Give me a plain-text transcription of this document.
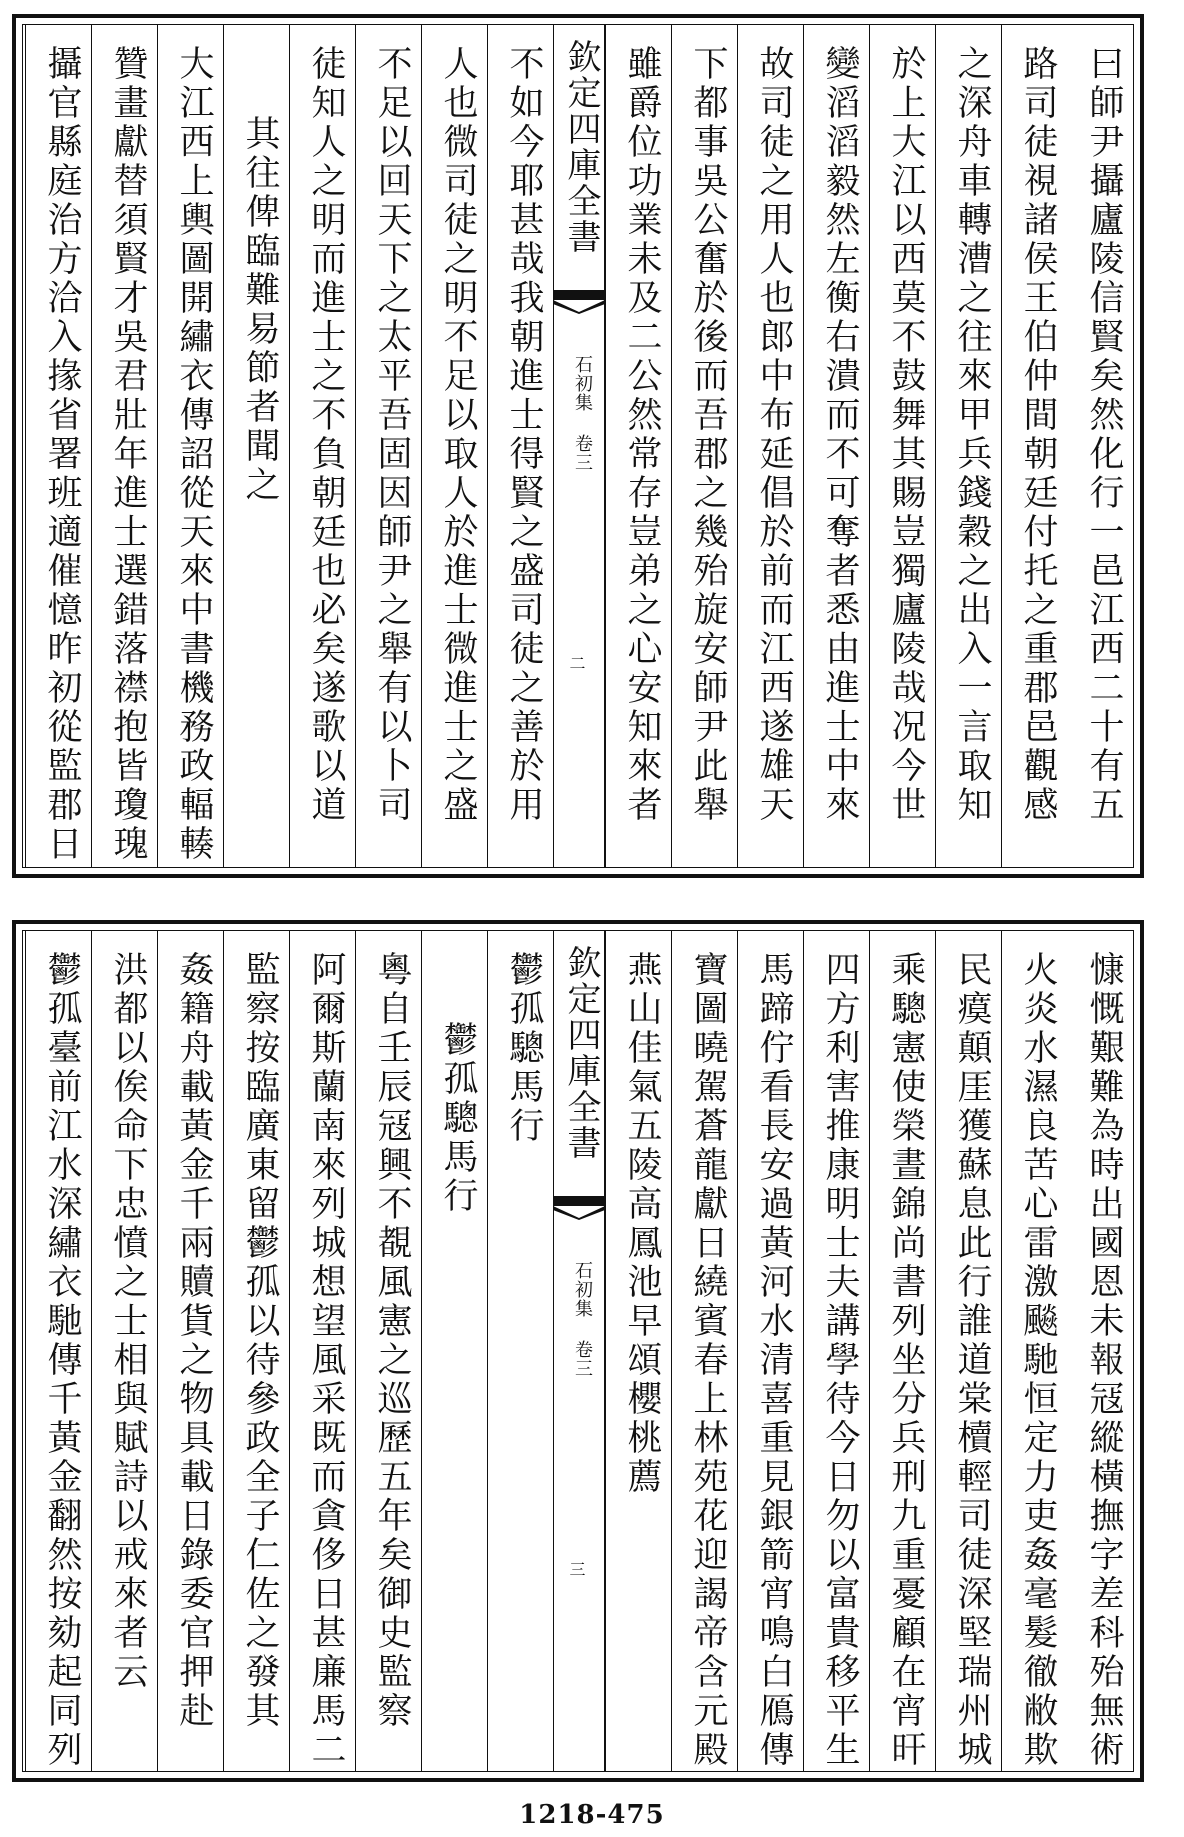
曰師尹攝廬陵信賢矣然化行一邑江西二十有五
路司徒視諸侯王伯仲間朝廷付托之重郡邑觀感
之深舟車轉漕之往來甲兵錢穀之出入一言取知
於上大江以西莫不鼓舞其賜豈獨廬陵哉况今世
變滔滔毅然左衡右潰而不可奪者悉由進士中來
故司徒之用人也郎中布延倡於前而江西遂雄天
下都事吳公奮於後而吾郡之幾殆旋安師尹此舉
雖爵位功業未及二公然常存豈弟之心安知來者
欽定四庫全書
石初集 卷三
二
不如今耶甚哉我朝進士得賢之盛司徒之善於用
人也微司徒之明不足以取人於進士微進士之盛
不足以回天下之太平吾固因師尹之舉有以卜司
徒知人之明而進士之不負朝廷也必矣遂歌以道
其往俾臨難易節者聞之
大江西上輿圖開繡衣傳詔從天來中書機務政輻輳
贊畫獻替須賢才吳君壯年進士選錯落襟抱皆瓊瑰
攝官縣庭治方洽入掾省署班適催憶昨初從監郡日
慷慨艱難為時出國恩未報冦縱橫撫字差科殆無術
火炎水濕良苦心雷激飈馳恒定力吏姦毫髮徹敝欺
民瘼顛厓獲蘇息此行誰道棠櫝輕司徒深堅瑞州城
乘驄憲使榮晝錦尚書列坐分兵刑九重憂顧在宵旰
四方利害推康明士夫講學待今日勿以富貴移平生
馬蹄佇看長安過黃河水清喜重見銀箭宵鳴白鴈傳
寶圖曉駕蒼龍獻日繞賓春上林苑花迎謁帝含元殿
燕山佳氣五陵高鳳池早頌櫻桃薦
欽定四庫全書
石初集 卷三
三
鬱孤驄馬行
鬱孤驄馬行
粵自壬辰冦興不覩風憲之巡歷五年矣御史監察
阿爾斯蘭南來列城想望風采既而貪侈日甚廉馬二
監察按臨廣東留鬱孤以待參政全子仁佐之發其
姦籍舟載黃金千兩贖貨之物具載日錄委官押赴
洪都以俟命下忠憤之士相與賦詩以戒來者云
鬱孤臺前江水深繡衣馳傳千黃金翻然按劾起同列
1218-475
